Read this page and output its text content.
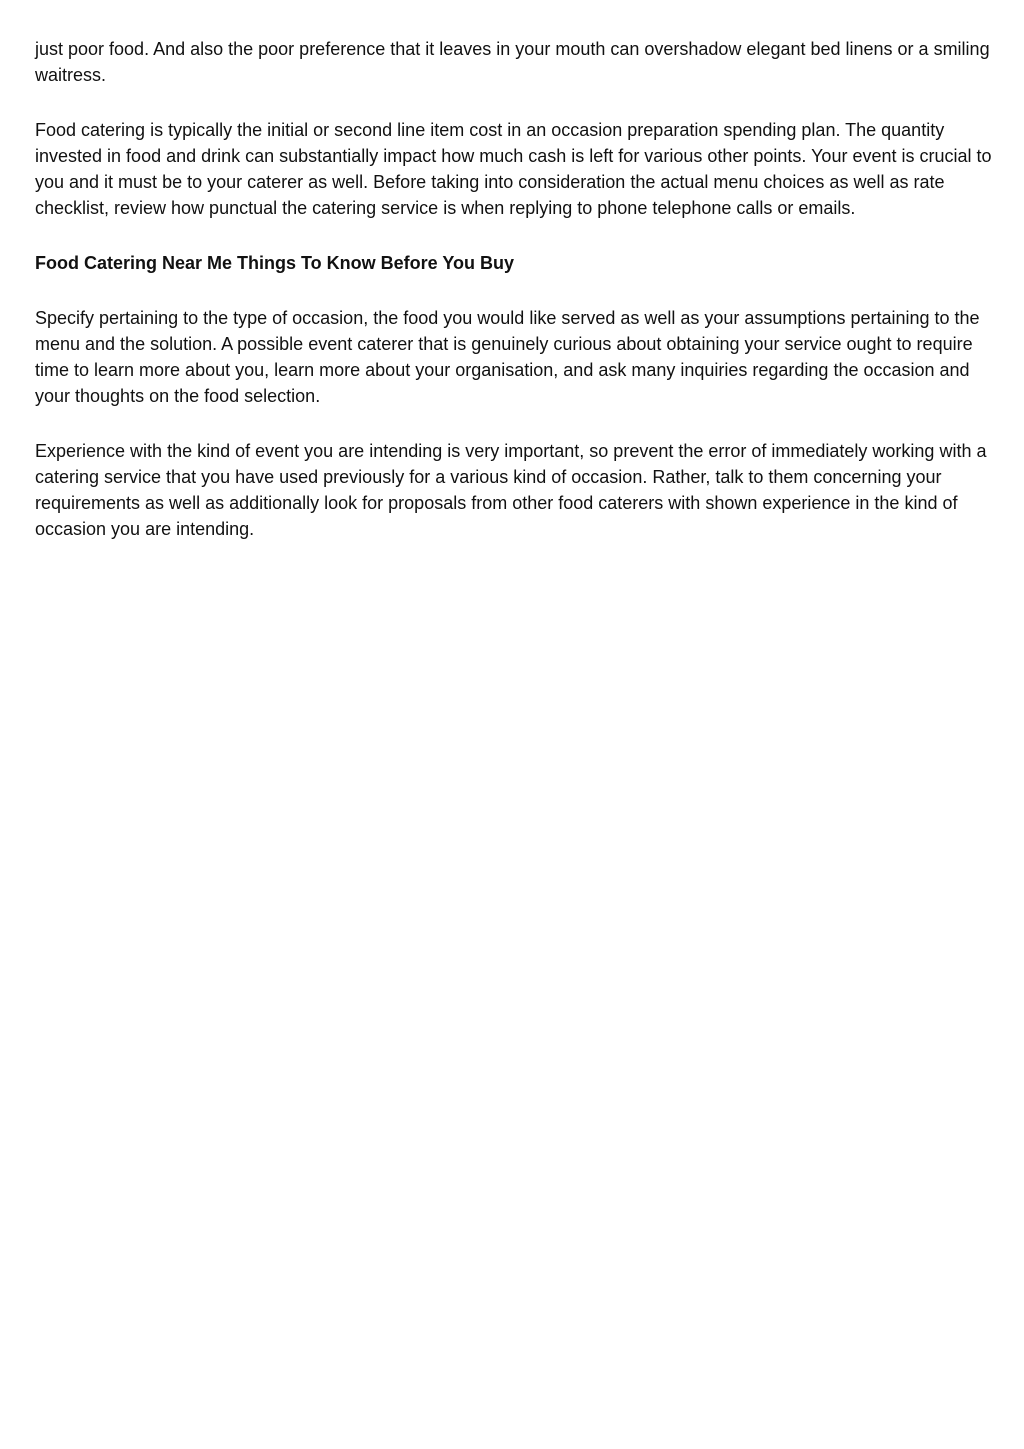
just poor food. And also the poor preference that it leaves in your mouth can overshadow elegant bed linens or a smiling waitress.

Food catering is typically the initial or second line item cost in an occasion preparation spending plan. The quantity invested in food and drink can substantially impact how much cash is left for various other points. Your event is crucial to you and it must be to your caterer as well. Before taking into consideration the actual menu choices as well as rate checklist, review how punctual the catering service is when replying to phone telephone calls or emails.

Food Catering Near Me Things To Know Before You Buy

Specify pertaining to the type of occasion, the food you would like served as well as your assumptions pertaining to the menu and the solution. A possible event caterer that is genuinely curious about obtaining your service ought to require time to learn more about you, learn more about your organisation, and ask many inquiries regarding the occasion and your thoughts on the food selection.

Experience with the kind of event you are intending is very important, so prevent the error of immediately working with a catering service that you have used previously for a various kind of occasion. Rather, talk to them concerning your requirements as well as additionally look for proposals from other food caterers with shown experience in the kind of occasion you are intending.
